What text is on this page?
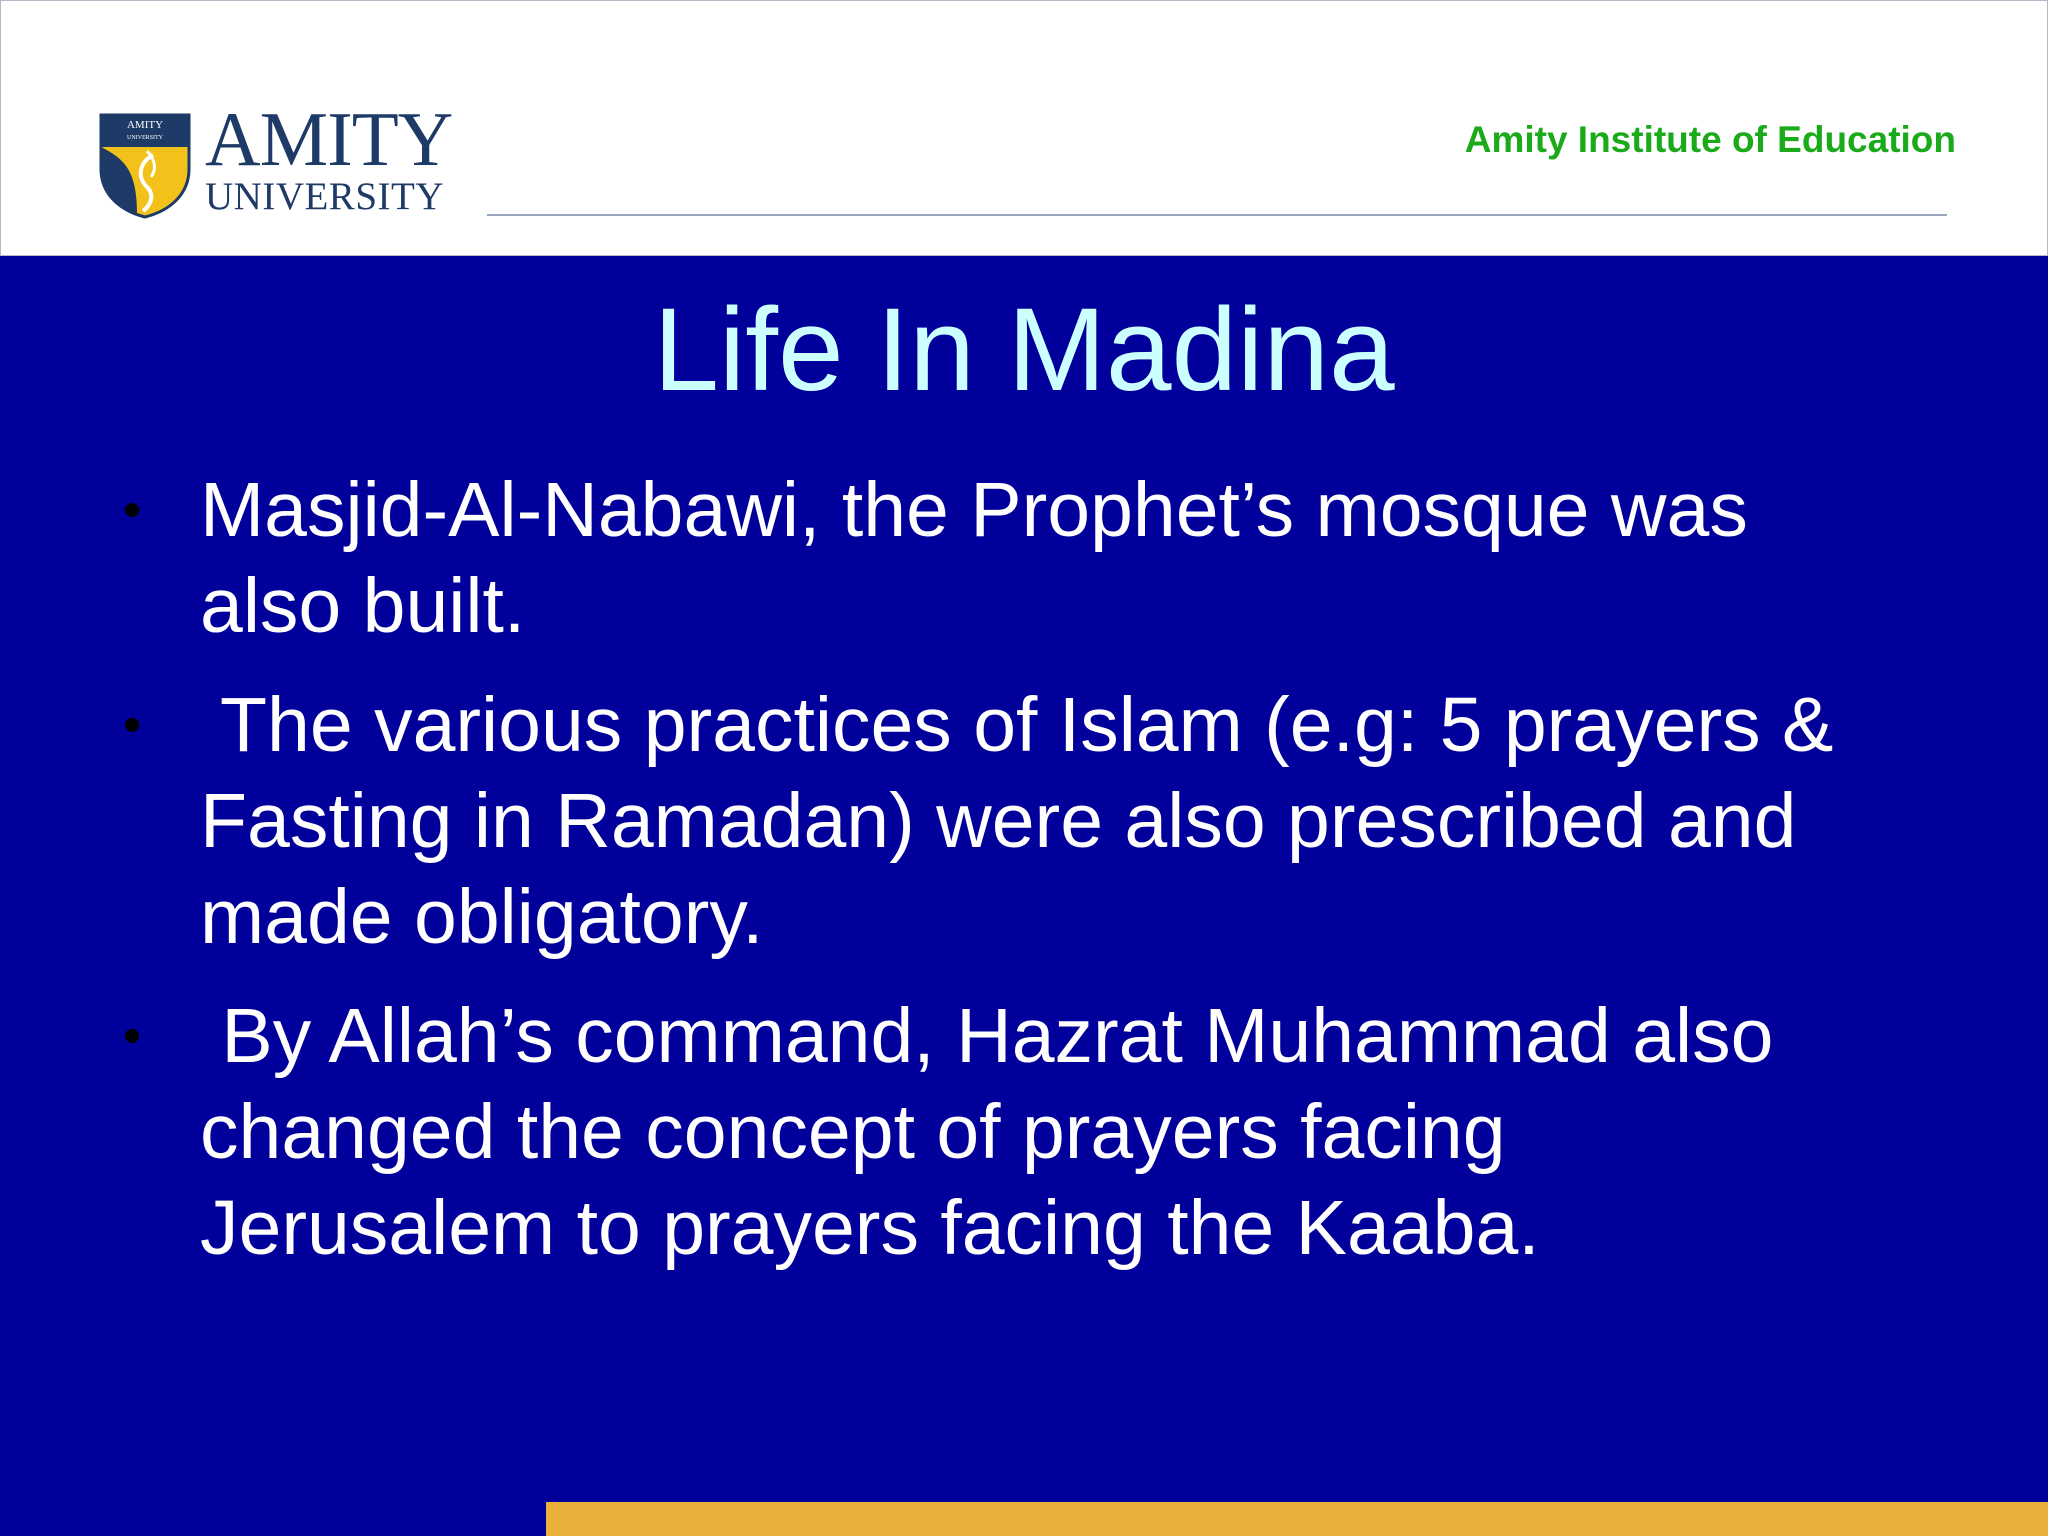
AMITY
UNIVERSITY AMITY
UNIVERSITY
Amity Institute of Education
Life In Madina
• Masjid-Al-Nabawi, the Prophet’s mosque was
also built.
• The various practices of Islam (e.g: 5 prayers &
Fasting in Ramadan) were also prescribed and
made obligatory.
• By Allah’s command, Hazrat Muhammad also
changed the concept of prayers facing
Jerusalem to prayers facing the Kaaba.
